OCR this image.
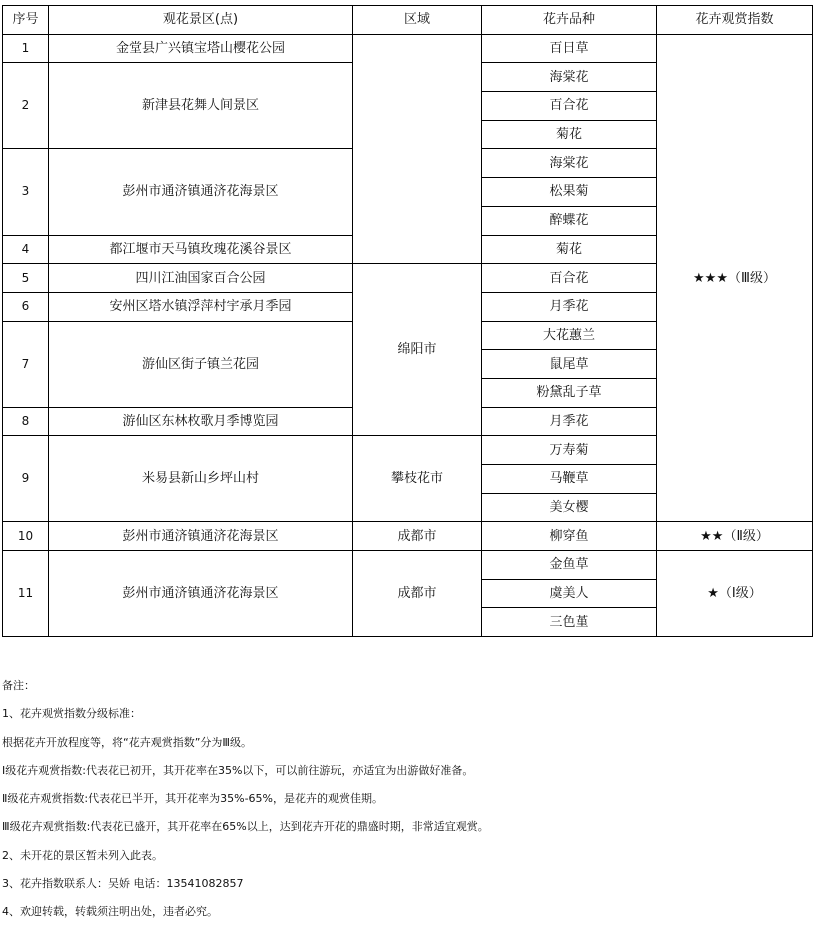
序号	观花景区(点)	区域	花卉品种	花卉观赏指数
1	金堂县广兴镇宝塔山樱花公园		百日草	★★★（Ⅲ级）
2	新津县花舞人间景区		海棠花	
			百合花	
			菊花	
3	彭州市通济镇通济花海景区		海棠花	
			松果菊	
			醉蝶花	
4	都江堰市天马镇玫瑰花溪谷景区		菊花	
5	四川江油国家百合公园	绵阳市	百合花	
6	安州区塔水镇浮萍村宇承月季园		月季花	
7	游仙区街子镇兰花园		大花蕙兰	
			鼠尾草	
			粉黛乱子草	
8	游仙区东林枚歌月季博览园		月季花	
9	米易县新山乡坪山村	攀枝花市	万寿菊	
			马鞭草	
			美女樱	
10	彭州市通济镇通济花海景区	成都市	柳穿鱼	★★（Ⅱ级）
11	彭州市通济镇通济花海景区	成都市	金鱼草	★（Ⅰ级）
			虞美人	
			三色堇	
备注：
1、花卉观赏指数分级标准：
根据花卉开放程度等，将“花卉观赏指数”分为Ⅲ级。
Ⅰ级花卉观赏指数:代表花已初开，其开花率在35%以下，可以前往游玩，亦适宜为出游做好准备。
Ⅱ级花卉观赏指数:代表花已半开，其开花率为35%-65%，是花卉的观赏佳期。
Ⅲ级花卉观赏指数:代表花已盛开，其开花率在65%以上，达到花卉开花的鼎盛时期，非常适宜观赏。
2、未开花的景区暂未列入此表。
3、花卉指数联系人：吴娇 电话：13541082857
4、欢迎转载，转载须注明出处，违者必究。
